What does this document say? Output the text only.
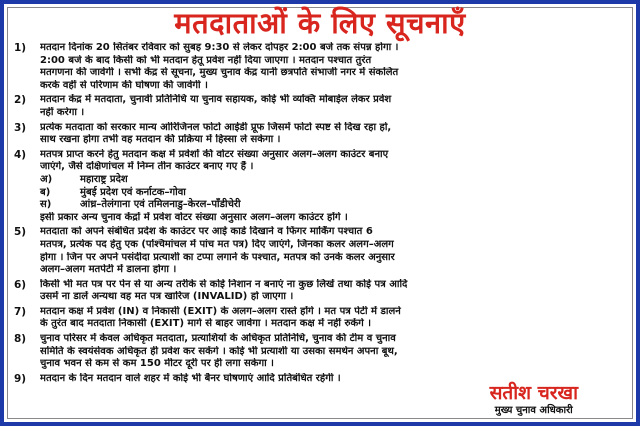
मतदाताओं के लिए सूचनाएँ
1)	मतदान दिनांक 20 सितंबर रविवार को सुबह 9:30 से लेकर दोपहर 2:00 बजे तक संपन्न होगा ।
2:00 बजे के बाद किसी को भी मतदान हेतू प्रवेश नहीं दिया जाएगा । मतदान पश्चात तुरंत
मतगणना की जावेगी । सभी केंद्र से सूचना, मुख्य चुनाव केंद्र यानी छत्रपति संभाजी नगर में संकलित
करके वहीं से परिणाम की घोषणा की जावेगी ।
2)	मतदान केंद्र में मतदाता, चुनावी प्रतिनिधि या चुनाव सहायक, कोई भी व्यक्ति मोबाईल लेकर प्रवेश
नहीं करेगा ।
3)	प्रत्येक मतदाता को सरकार मान्य ओरिजिनल फोटो आईडी प्रूफ जिसमें फोटो स्पष्ट से दिख रहा हो,
साथ रखना होगा तभी वह मतदान की प्रक्रिया में हिस्सा ले सकेगा ।
4)	मतपत्र प्राप्त करने हेतु मतदान कक्ष में प्रवेशों की वोटर संख्या अनुसार अलग–अलग काउंटर बनाए
जाएंगे, जैसे दक्षिणांचल में निम्न तीन काउंटर बनाए गए हैं ।
अ)	महाराष्ट्र प्रदेश
ब)	मुंबई प्रदेश एवं कर्नाटक–गोवा
स)	आंध्र–तेलंगाना एवं तमिलनाडु–केरल–पाँडीचेरी
इसी प्रकार अन्य चुनाव केंद्रों में प्रवेश वोटर संख्या अनुसार अलग–अलग काउंटर होंगे ।
5)	मतदाता को अपने संबंधित प्रदेश के काउंटर पर आई कार्ड दिखाने व फिंगर मार्किंग पश्चात 6
मतपत्र, प्रत्येक पद हेतु एक (पश्चिमांचल में पांच मत पत्र) दिए जाएंगे, जिनका कलर अलग–अलग
होगा । जिन पर अपने पसंदीदा प्रत्याशी का टप्पा लगाने के पश्चात, मतपत्र को उनके कलर अनुसार
अलग–अलग मतपेटी में डालना होगा ।
6)	किसी भी मत पत्र पर पेन से या अन्य तरीके से कोई निशान न बनाएं ना कुछ लिखें तथा कोई पत्र आदि
उसमें ना डालें अन्यथा वह मत पत्र खारिज (INVALID) हो जाएगा ।
7)	मतदान कक्ष में प्रवेश (IN) व निकासी (EXIT) के अलग–अलग रास्ते होंगे । मत पत्र पेटी में डालने
के तुरंत बाद मतदाता निकासी (EXIT) मार्ग से बाहर जावेगा । मतदान कक्ष में नहीं रुकेंगे ।
8)	चुनाव परिसर में केवल अधिकृत मतदाता, प्रत्याशियों के अधिकृत प्रतिनिधि, चुनाव की टीम व चुनाव
समिति के स्वयंसेवक अधिकृत ही प्रवेश कर सकेंगे । कोई भी प्रत्याशी या उसका समर्थन अपना बूथ,
चुनाव भवन से कम से कम 150 मीटर दूरी पर ही लगा सकेगा ।
9)	मतदान के दिन मतदान वाले शहर में कोई भी बैनर घोषणाएं आदि प्रतिबंधित रहेगी ।
सतीश चरखा
मुख्य चुनाव अधिकारी
